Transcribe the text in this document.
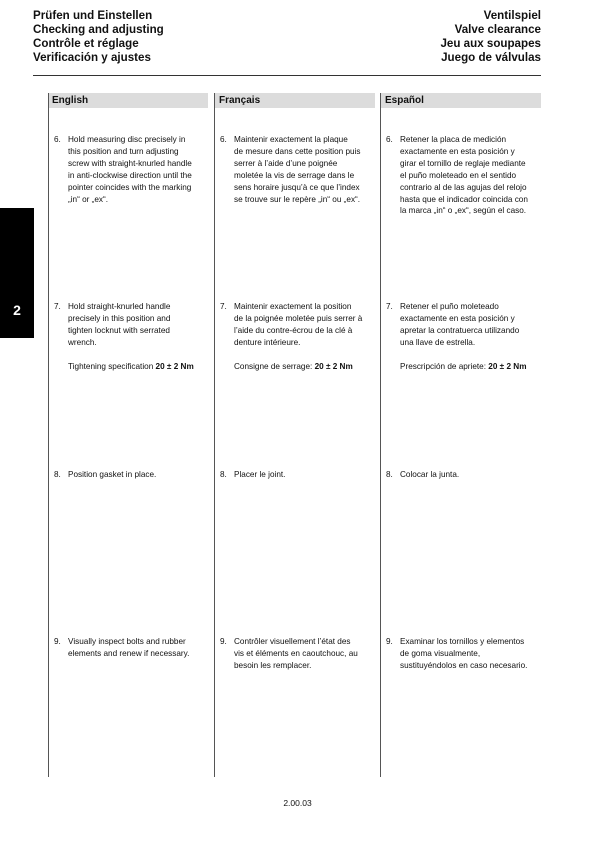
Prüfen und Einstellen
Checking and adjusting
Contrôle et réglage
Verificación y ajustes
Ventilspiel
Valve clearance
Jeu aux soupapes
Juego de válvulas
2
English	Français	Español
6. Hold measuring disc precisely in
this position and turn adjusting
screw with straight-knurled handle
in anti-clockwise direction until the
pointer coincides with the marking
„in“ or „ex“.
7. Hold straight-knurled handle
precisely in this position and
tighten locknut with serrated
wrench.
Tightening specification 20 ± 2 Nm
8. Position gasket in place.
9. Visually inspect bolts and rubber
elements and renew if necessary.
6. Maintenir exactement la plaque
de mesure dans cette position puis
serrer à l’aide d’une poignée
moletée la vis de serrage dans le
sens horaire jusqu’à ce que l’index
se trouve sur le repère „in“ ou „ex“.
7. Maintenir exactement la position
de la poignée moletée puis serrer à
l’aide du contre-écrou de la clé à
denture intérieure.
Consigne de serrage: 20 ± 2 Nm
8. Placer le joint.
9. Contrôler visuellement l’état des
vis et éléments en caoutchouc, au
besoin les remplacer.
6. Retener la placa de medición
exactamente en esta posición y
girar el tornillo de reglaje mediante
el puño moleteado en el sentido
contrario al de las agujas del relojo
hasta que el indicador coincida con
la marca „in“ o „ex“, según el caso.
7. Retener el puño moleteado
exactamente en esta posición y
apretar la contratuerca utilizando
una llave de estrella.
Prescripción de apriete: 20 ± 2 Nm
8. Colocar la junta.
9. Examinar los tornillos y elementos
de goma visualmente,
sustituyéndolos en caso necesario.
2.00.03
